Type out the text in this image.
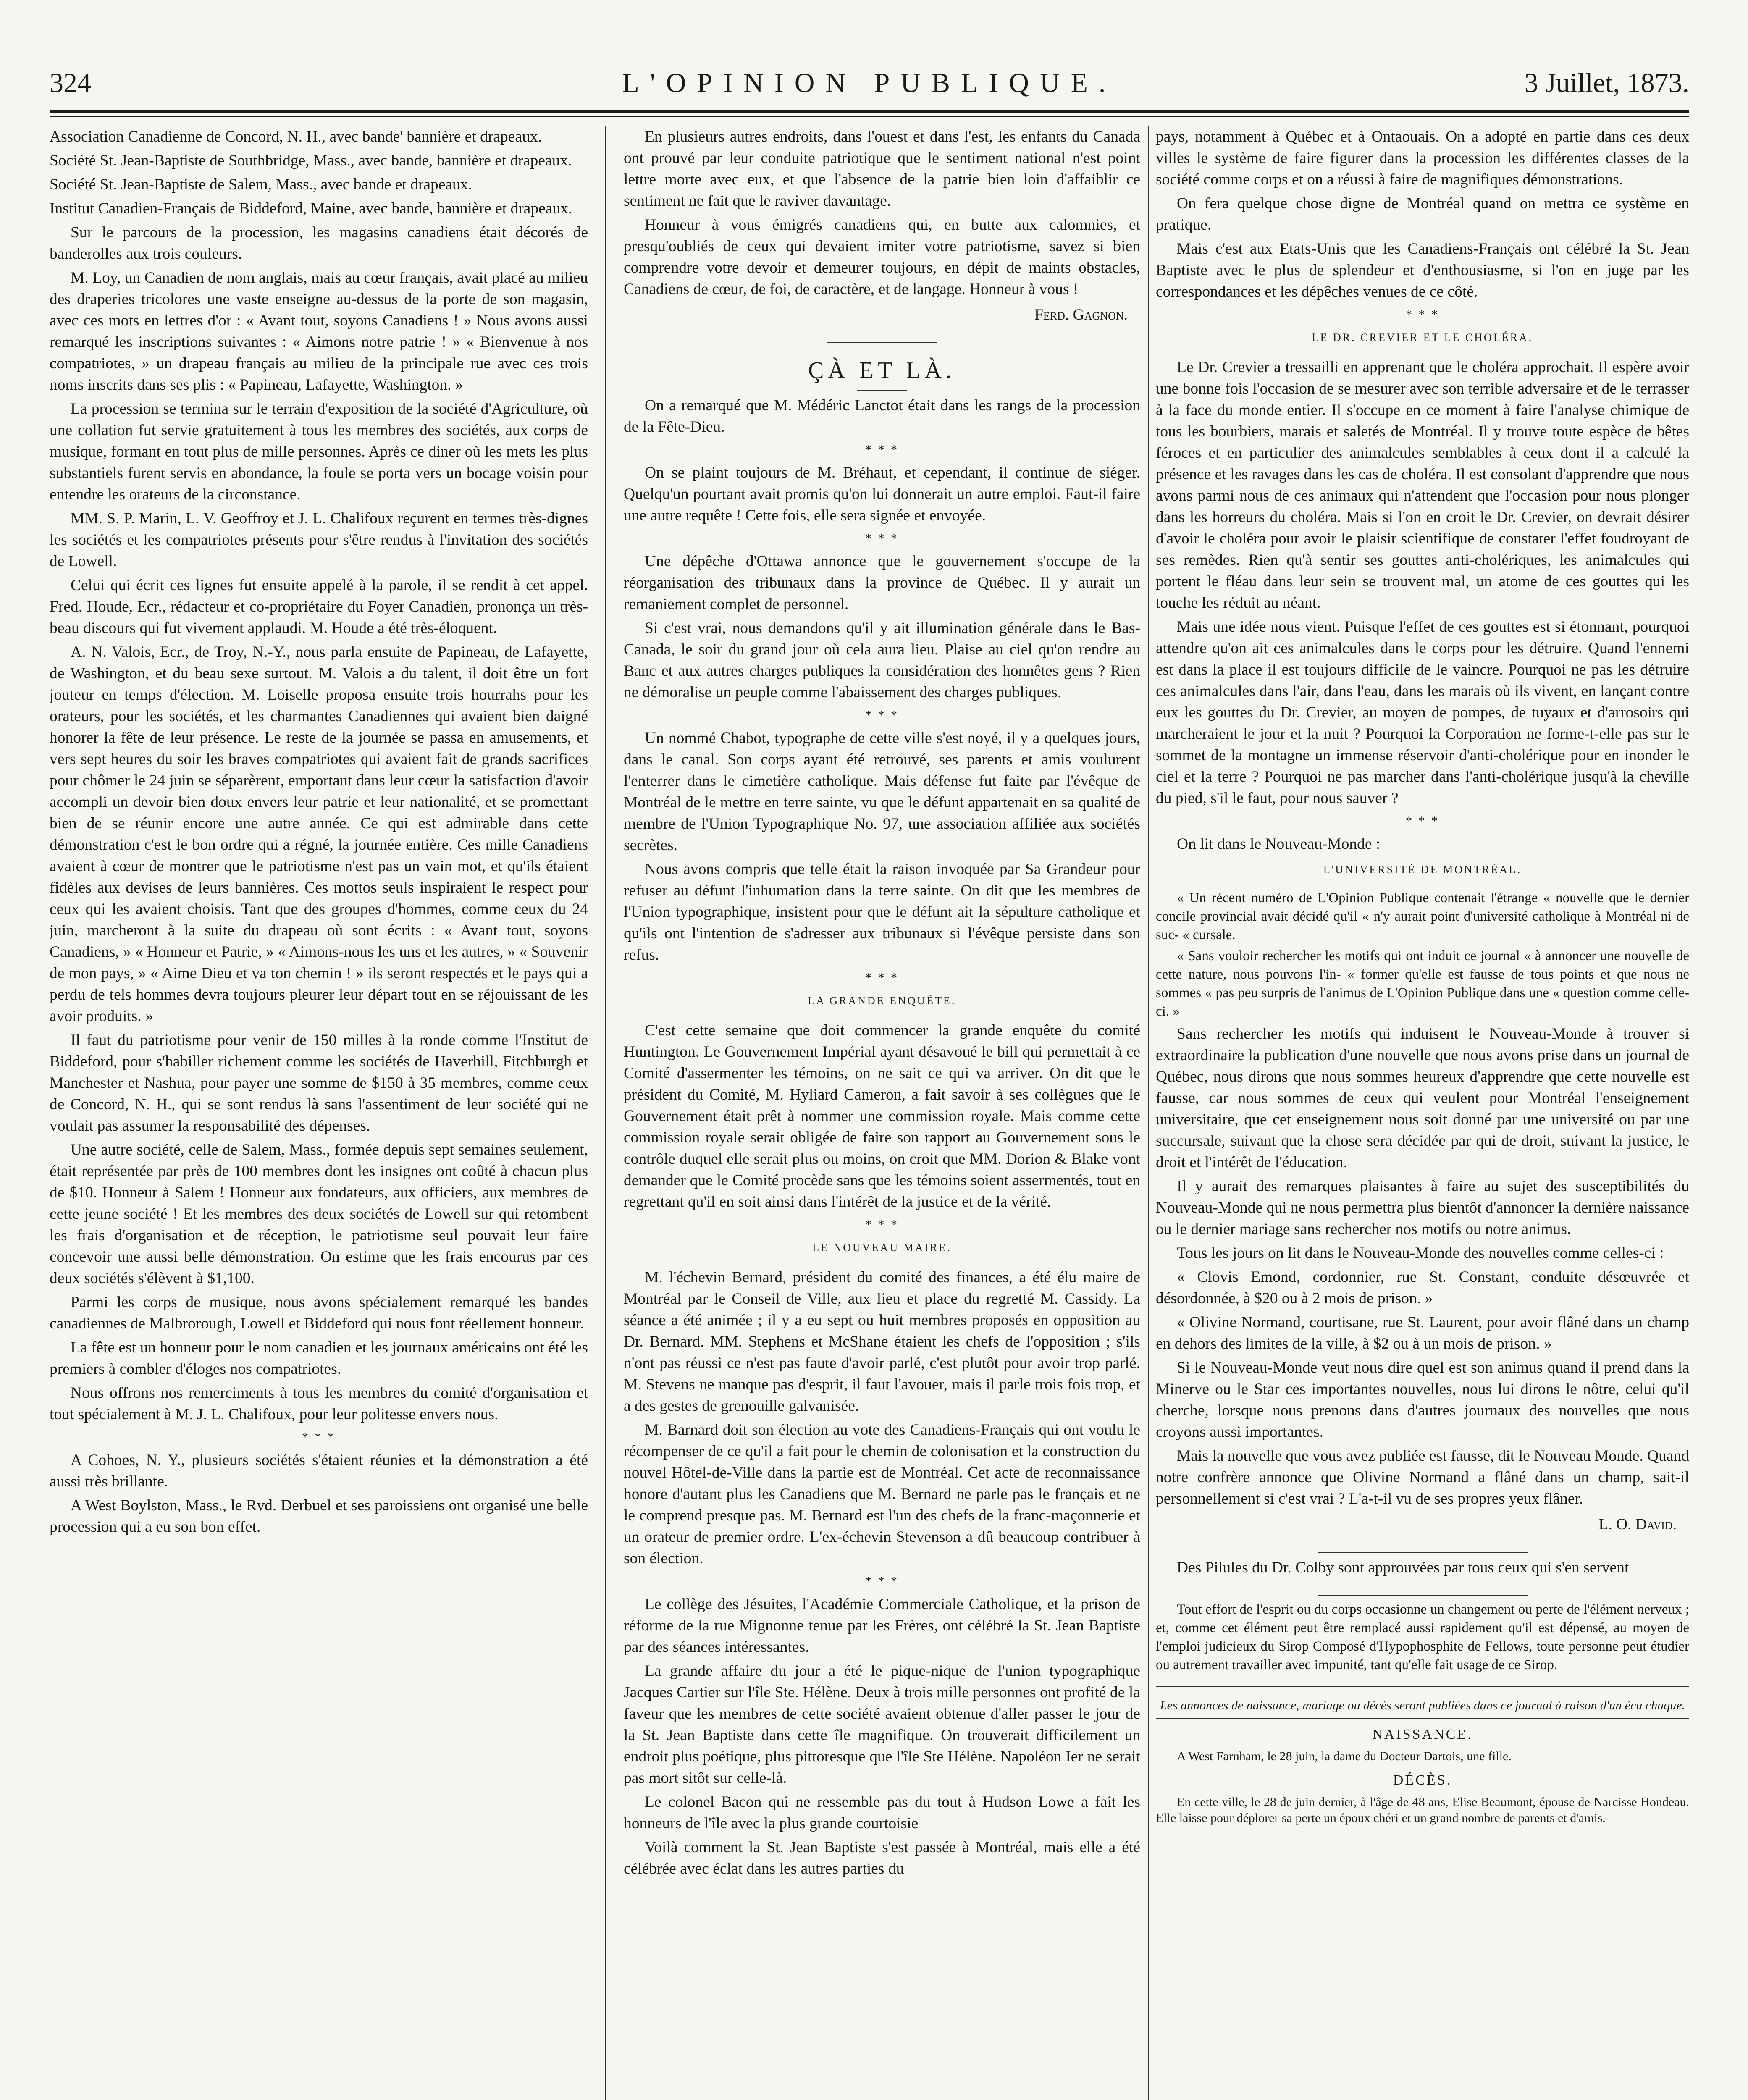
324	L'OPINION PUBLIQUE.	3 Juillet, 1873.

Association Canadienne de Concord, N. H., avec bande' bannière et drapeaux.

Société St. Jean-Baptiste de Southbridge, Mass., avec bande, bannière et drapeaux.

Société St. Jean-Baptiste de Salem, Mass., avec bande et drapeaux.

Institut Canadien-Français de Biddeford, Maine, avec bande, bannière et drapeaux.

Sur le parcours de la procession, les magasins canadiens était décorés de banderolles aux trois couleurs.

M. Loy, un Canadien de nom anglais, mais au cœur français, avait placé au milieu des draperies tricolores une vaste enseigne au-dessus de la porte de son magasin, avec ces mots en lettres d'or : « Avant tout, soyons Canadiens ! » Nous avons aussi remarqué les inscriptions suivantes : « Aimons notre patrie ! » « Bienvenue à nos compatriotes, » un drapeau français au milieu de la principale rue avec ces trois noms inscrits dans ses plis : « Papineau, Lafayette, Washington. »

La procession se termina sur le terrain d'exposition de la société d'Agriculture, où une collation fut servie gratuitement à tous les membres des sociétés, aux corps de musique, formant en tout plus de mille personnes. Après ce diner où les mets les plus substantiels furent servis en abondance, la foule se porta vers un bocage voisin pour entendre les orateurs de la circonstance.

MM. S. P. Marin, L. V. Geoffroy et J. L. Chalifoux reçurent en termes très-dignes les sociétés et les compatriotes présents pour s'être rendus à l'invitation des sociétés de Lowell.

Celui qui écrit ces lignes fut ensuite appelé à la parole, il se rendit à cet appel. Fred. Houde, Ecr., rédacteur et co-propriétaire du Foyer Canadien, prononça un très-beau discours qui fut vivement applaudi. M. Houde a été très-éloquent.

A. N. Valois, Ecr., de Troy, N.-Y., nous parla ensuite de Papineau, de Lafayette, de Washington, et du beau sexe surtout. M. Valois a du talent, il doit être un fort jouteur en temps d'élection. M. Loiselle proposa ensuite trois hourrahs pour les orateurs, pour les sociétés, et les charmantes Canadiennes qui avaient bien daigné honorer la fête de leur présence. Le reste de la journée se passa en amusements, et vers sept heures du soir les braves compatriotes qui avaient fait de grands sacrifices pour chômer le 24 juin se séparèrent, emportant dans leur cœur la satisfaction d'avoir accompli un devoir bien doux envers leur patrie et leur nationalité, et se promettant bien de se réunir encore une autre année. Ce qui est admirable dans cette démonstration c'est le bon ordre qui a régné, la journée entière. Ces mille Canadiens avaient à cœur de montrer que le patriotisme n'est pas un vain mot, et qu'ils étaient fidèles aux devises de leurs bannières. Ces mottos seuls inspiraient le respect pour ceux qui les avaient choisis. Tant que des groupes d'hommes, comme ceux du 24 juin, marcheront à la suite du drapeau où sont écrits : « Avant tout, soyons Canadiens, » « Honneur et Patrie, » « Aimons-nous les uns et les autres, » « Souvenir de mon pays, » « Aime Dieu et va ton chemin ! » ils seront respectés et le pays qui a perdu de tels hommes devra toujours pleurer leur départ tout en se réjouissant de les avoir produits. »

Il faut du patriotisme pour venir de 150 milles à la ronde comme l'Institut de Biddeford, pour s'habiller richement comme les sociétés de Haverhill, Fitchburgh et Manchester et Nashua, pour payer une somme de $150 à 35 membres, comme ceux de Concord, N. H., qui se sont rendus là sans l'assentiment de leur société qui ne voulait pas assumer la responsabilité des dépenses.

Une autre société, celle de Salem, Mass., formée depuis sept semaines seulement, était représentée par près de 100 membres dont les insignes ont coûté à chacun plus de $10. Honneur à Salem ! Honneur aux fondateurs, aux officiers, aux membres de cette jeune société ! Et les membres des deux sociétés de Lowell sur qui retombent les frais d'organisation et de réception, le patriotisme seul pouvait leur faire concevoir une aussi belle démonstration. On estime que les frais encourus par ces deux sociétés s'élèvent à $1,100.

Parmi les corps de musique, nous avons spécialement remarqué les bandes canadiennes de Malbrorough, Lowell et Biddeford qui nous font réellement honneur.

La fête est un honneur pour le nom canadien et les journaux américains ont été les premiers à combler d'éloges nos compatriotes.

Nous offrons nos remerciments à tous les membres du comité d'organisation et tout spécialement à M. J. L. Chalifoux, pour leur politesse envers nous.

* * *

A Cohoes, N. Y., plusieurs sociétés s'étaient réunies et la démonstration a été aussi très brillante.

A West Boylston, Mass., le Rvd. Derbuel et ses paroissiens ont organisé une belle procession qui a eu son bon effet.

En plusieurs autres endroits, dans l'ouest et dans l'est, les enfants du Canada ont prouvé par leur conduite patriotique que le sentiment national n'est point lettre morte avec eux, et que l'absence de la patrie bien loin d'affaiblir ce sentiment ne fait que le raviver davantage.

Honneur à vous émigrés canadiens qui, en butte aux calomnies, et presqu'oubliés de ceux qui devaient imiter votre patriotisme, savez si bien comprendre votre devoir et demeurer toujours, en dépit de maints obstacles, Canadiens de cœur, de foi, de caractère, et de langage. Honneur à vous !

Ferd. Gagnon.
ÇÀ ET LÀ.

On a remarqué que M. Médéric Lanctot était dans les rangs de la procession de la Fête-Dieu.

* * *

On se plaint toujours de M. Bréhaut, et cependant, il continue de siéger. Quelqu'un pourtant avait promis qu'on lui donnerait un autre emploi. Faut-il faire une autre requête ! Cette fois, elle sera signée et envoyée.

* * *

Une dépêche d'Ottawa annonce que le gouvernement s'occupe de la réorganisation des tribunaux dans la province de Québec. Il y aurait un remaniement complet de personnel.

Si c'est vrai, nous demandons qu'il y ait illumination générale dans le Bas-Canada, le soir du grand jour où cela aura lieu. Plaise au ciel qu'on rendre au Banc et aux autres charges publiques la considération des honnêtes gens ? Rien ne démoralise un peuple comme l'abaissement des charges publiques.

* * *

Un nommé Chabot, typographe de cette ville s'est noyé, il y a quelques jours, dans le canal. Son corps ayant été retrouvé, ses parents et amis voulurent l'enterrer dans le cimetière catholique. Mais défense fut faite par l'évêque de Montréal de le mettre en terre sainte, vu que le défunt appartenait en sa qualité de membre de l'Union Typographique No. 97, une association affiliée aux sociétés secrètes.

Nous avons compris que telle était la raison invoquée par Sa Grandeur pour refuser au défunt l'inhumation dans la terre sainte. On dit que les membres de l'Union typographique, insistent pour que le défunt ait la sépulture catholique et qu'ils ont l'intention de s'adresser aux tribunaux si l'évêque persiste dans son refus.

* * *
LA GRANDE ENQUÊTE.

C'est cette semaine que doit commencer la grande enquête du comité Huntington. Le Gouvernement Impérial ayant désavoué le bill qui permettait à ce Comité d'assermenter les témoins, on ne sait ce qui va arriver. On dit que le président du Comité, M. Hyliard Cameron, a fait savoir à ses collègues que le Gouvernement était prêt à nommer une commission royale. Mais comme cette commission royale serait obligée de faire son rapport au Gouvernement sous le contrôle duquel elle serait plus ou moins, on croit que MM. Dorion & Blake vont demander que le Comité procède sans que les témoins soient assermentés, tout en regrettant qu'il en soit ainsi dans l'intérêt de la justice et de la vérité.

* * *
LE NOUVEAU MAIRE.

M. l'échevin Bernard, président du comité des finances, a été élu maire de Montréal par le Conseil de Ville, aux lieu et place du regretté M. Cassidy. La séance a été animée ; il y a eu sept ou huit membres proposés en opposition au Dr. Bernard. MM. Stephens et McShane étaient les chefs de l'opposition ; s'ils n'ont pas réussi ce n'est pas faute d'avoir parlé, c'est plutôt pour avoir trop parlé. M. Stevens ne manque pas d'esprit, il faut l'avouer, mais il parle trois fois trop, et a des gestes de grenouille galvanisée.

M. Barnard doit son élection au vote des Canadiens-Français qui ont voulu le récompenser de ce qu'il a fait pour le chemin de colonisation et la construction du nouvel Hôtel-de-Ville dans la partie est de Montréal. Cet acte de reconnaissance honore d'autant plus les Canadiens que M. Bernard ne parle pas le français et ne le comprend presque pas. M. Bernard est l'un des chefs de la franc-maçonnerie et un orateur de premier ordre. L'ex-échevin Stevenson a dû beaucoup contribuer à son élection.

* * *

Le collège des Jésuites, l'Académie Commerciale Catholique, et la prison de réforme de la rue Mignonne tenue par les Frères, ont célébré la St. Jean Baptiste par des séances intéressantes.

La grande affaire du jour a été le pique-nique de l'union typographique Jacques Cartier sur l'île Ste. Hélène. Deux à trois mille personnes ont profité de la faveur que les membres de cette société avaient obtenue d'aller passer le jour de la St. Jean Baptiste dans cette île magnifique. On trouverait difficilement un endroit plus poétique, plus pittoresque que l'île Ste Hélène. Napoléon Ier ne serait pas mort sitôt sur celle-là.

Le colonel Bacon qui ne ressemble pas du tout à Hudson Lowe a fait les honneurs de l'île avec la plus grande courtoisie

Voilà comment la St. Jean Baptiste s'est passée à Montréal, mais elle a été célébrée avec éclat dans les autres parties du

pays, notamment à Québec et à Ontaouais. On a adopté en partie dans ces deux villes le système de faire figurer dans la procession les différentes classes de la société comme corps et on a réussi à faire de magnifiques démonstrations.

On fera quelque chose digne de Montréal quand on mettra ce système en pratique.

Mais c'est aux Etats-Unis que les Canadiens-Français ont célébré la St. Jean Baptiste avec le plus de splendeur et d'enthousiasme, si l'on en juge par les correspondances et les dépêches venues de ce côté.

* * *
LE DR. CREVIER ET LE CHOLÉRA.

Le Dr. Crevier a tressailli en apprenant que le choléra approchait. Il espère avoir une bonne fois l'occasion de se mesurer avec son terrible adversaire et de le terrasser à la face du monde entier. Il s'occupe en ce moment à faire l'analyse chimique de tous les bourbiers, marais et saletés de Montréal. Il y trouve toute espèce de bêtes féroces et en particulier des animalcules semblables à ceux dont il a calculé la présence et les ravages dans les cas de choléra. Il est consolant d'apprendre que nous avons parmi nous de ces animaux qui n'attendent que l'occasion pour nous plonger dans les horreurs du choléra. Mais si l'on en croit le Dr. Crevier, on devrait désirer d'avoir le choléra pour avoir le plaisir scientifique de constater l'effet foudroyant de ses remèdes. Rien qu'à sentir ses gouttes anti-cholériques, les animalcules qui portent le fléau dans leur sein se trouvent mal, un atome de ces gouttes qui les touche les réduit au néant.

Mais une idée nous vient. Puisque l'effet de ces gouttes est si étonnant, pourquoi attendre qu'on ait ces animalcules dans le corps pour les détruire. Quand l'ennemi est dans la place il est toujours difficile de le vaincre. Pourquoi ne pas les détruire ces animalcules dans l'air, dans l'eau, dans les marais où ils vivent, en lançant contre eux les gouttes du Dr. Crevier, au moyen de pompes, de tuyaux et d'arrosoirs qui marcheraient le jour et la nuit ? Pourquoi la Corporation ne forme-t-elle pas sur le sommet de la montagne un immense réservoir d'anti-cholérique pour en inonder le ciel et la terre ? Pourquoi ne pas marcher dans l'anti-cholérique jusqu'à la cheville du pied, s'il le faut, pour nous sauver ?

* * *

On lit dans le Nouveau-Monde :

L'UNIVERSITÉ DE MONTRÉAL.

« Un récent numéro de L'Opinion Publique contenait l'étrange « nouvelle que le dernier concile provincial avait décidé qu'il « n'y aurait point d'université catholique à Montréal ni de suc- « cursale.

« Sans vouloir rechercher les motifs qui ont induit ce journal « à annoncer une nouvelle de cette nature, nous pouvons l'in- « former qu'elle est fausse de tous points et que nous ne sommes « pas peu surpris de l'animus de L'Opinion Publique dans une « question comme celle-ci. »

Sans rechercher les motifs qui induisent le Nouveau-Monde à trouver si extraordinaire la publication d'une nouvelle que nous avons prise dans un journal de Québec, nous dirons que nous sommes heureux d'apprendre que cette nouvelle est fausse, car nous sommes de ceux qui veulent pour Montréal l'enseignement universitaire, que cet enseignement nous soit donné par une université ou par une succursale, suivant que la chose sera décidée par qui de droit, suivant la justice, le droit et l'intérêt de l'éducation.

Il y aurait des remarques plaisantes à faire au sujet des susceptibilités du Nouveau-Monde qui ne nous permettra plus bientôt d'annoncer la dernière naissance ou le dernier mariage sans rechercher nos motifs ou notre animus.

Tous les jours on lit dans le Nouveau-Monde des nouvelles comme celles-ci :

« Clovis Emond, cordonnier, rue St. Constant, conduite désœuvrée et désordonnée, à $20 ou à 2 mois de prison. »

« Olivine Normand, courtisane, rue St. Laurent, pour avoir flâné dans un champ en dehors des limites de la ville, à $2 ou à un mois de prison. »

Si le Nouveau-Monde veut nous dire quel est son animus quand il prend dans la Minerve ou le Star ces importantes nouvelles, nous lui dirons le nôtre, celui qu'il cherche, lorsque nous prenons dans d'autres journaux des nouvelles que nous croyons aussi importantes.

Mais la nouvelle que vous avez publiée est fausse, dit le Nouveau Monde. Quand notre confrère annonce que Olivine Normand a flâné dans un champ, sait-il personnellement si c'est vrai ? L'a-t-il vu de ses propres yeux flâner.

L. O. David.

Des Pilules du Dr. Colby sont approuvées par tous ceux qui s'en servent

Tout effort de l'esprit ou du corps occasionne un changement ou perte de l'élément nerveux ; et, comme cet élément peut être remplacé aussi rapidement qu'il est dépensé, au moyen de l'emploi judicieux du Sirop Composé d'Hypophosphite de Fellows, toute personne peut étudier ou autrement travailler avec impunité, tant qu'elle fait usage de ce Sirop.

Les annonces de naissance, mariage ou décès seront publiées dans ce journal à raison d'un écu chaque.
NAISSANCE.

A West Farnham, le 28 juin, la dame du Docteur Dartois, une fille.

DÉCÈS.

En cette ville, le 28 de juin dernier, à l'âge de 48 ans, Elise Beaumont, épouse de Narcisse Hondeau. Elle laisse pour déplorer sa perte un époux chéri et un grand nombre de parents et d'amis.
